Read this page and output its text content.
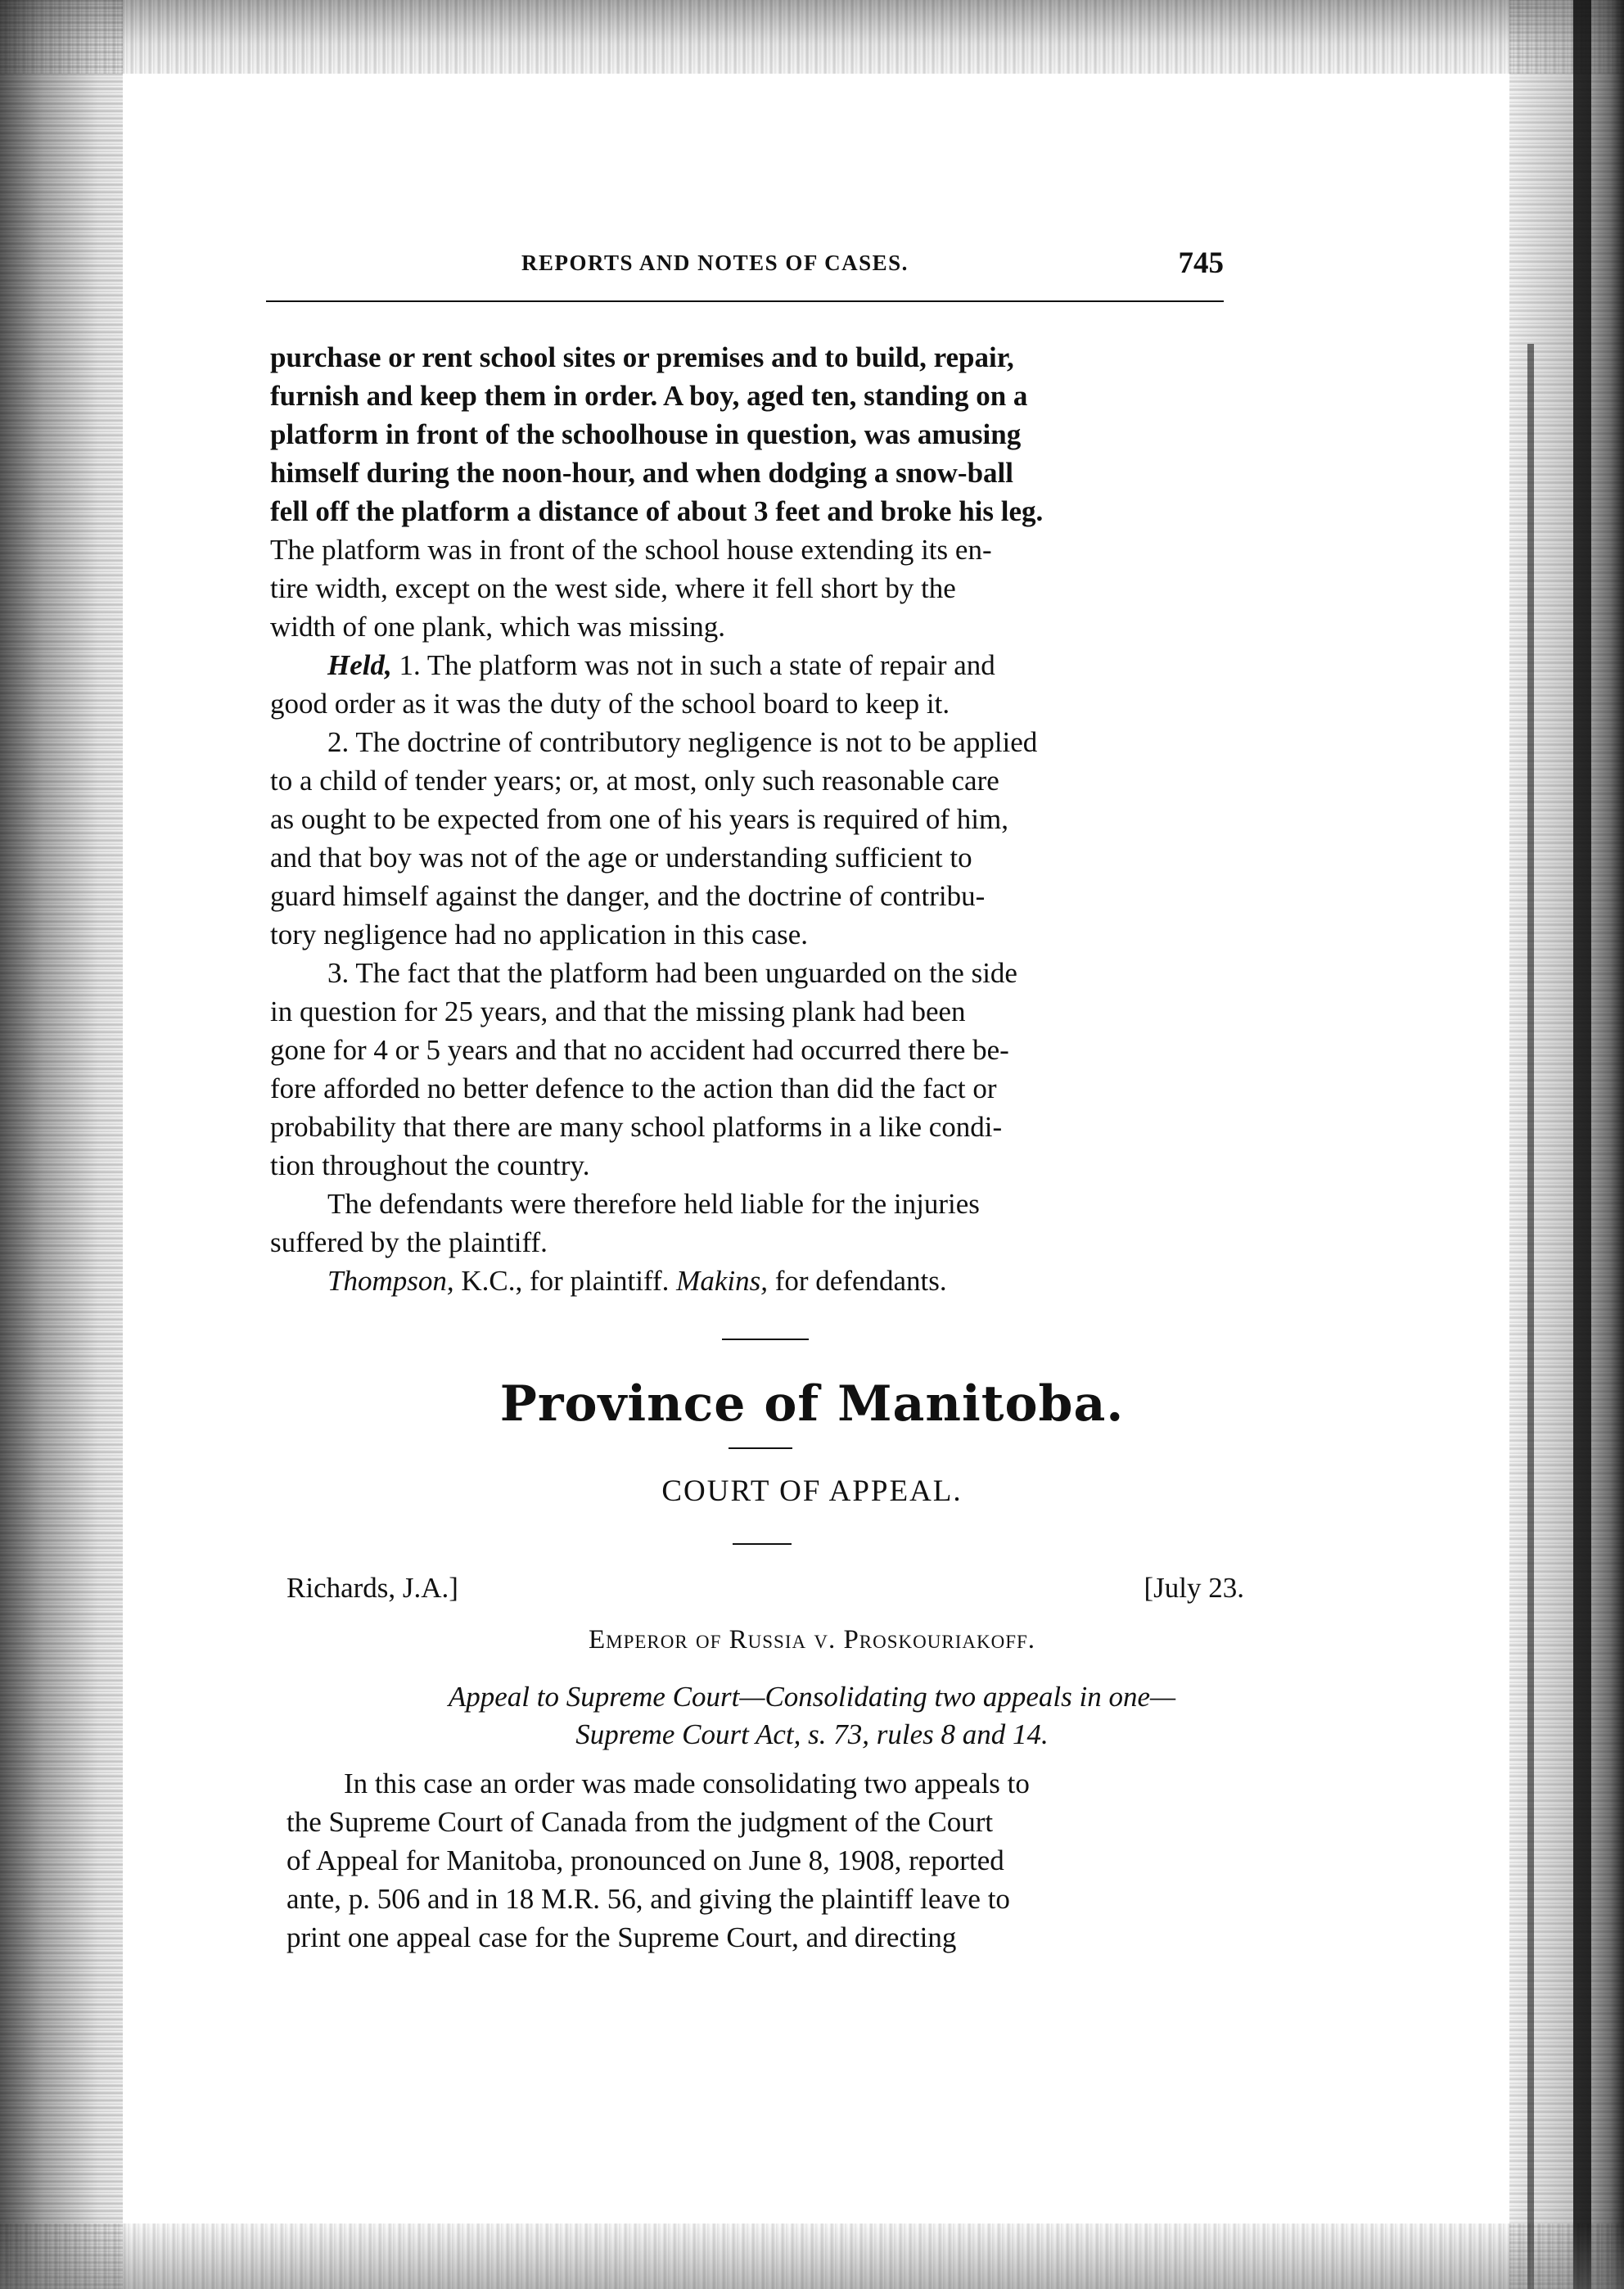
REPORTS AND NOTES OF CASES.	745
purchase or rent school sites or premises and to build, repair,
furnish and keep them in order. A boy, aged ten, standing on a
platform in front of the schoolhouse in question, was amusing
himself during the noon-hour, and when dodging a snow-ball
fell off the platform a distance of about 3 feet and broke his leg.
The platform was in front of the school house extending its en-
tire width, except on the west side, where it fell short by the
width of one plank, which was missing.
Held, 1. The platform was not in such a state of repair and
good order as it was the duty of the school board to keep it.
2. The doctrine of contributory negligence is not to be applied
to a child of tender years; or, at most, only such reasonable care
as ought to be expected from one of his years is required of him,
and that boy was not of the age or understanding sufficient to
guard himself against the danger, and the doctrine of contribu-
tory negligence had no application in this case.
3. The fact that the platform had been unguarded on the side
in question for 25 years, and that the missing plank had been
gone for 4 or 5 years and that no accident had occurred there be-
fore afforded no better defence to the action than did the fact or
probability that there are many school platforms in a like condi-
tion throughout the country.
The defendants were therefore held liable for the injuries
suffered by the plaintiff.
Thompson, K.C., for plaintiff. Makins, for defendants.
Province of Manitoba.
COURT OF APPEAL.
Richards, J.A.]	[July 23.
Emperor of Russia v. Proskouriakoff.
Appeal to Supreme Court—Consolidating two appeals in one—
Supreme Court Act, s. 73, rules 8 and 14.
In this case an order was made consolidating two appeals to
the Supreme Court of Canada from the judgment of the Court
of Appeal for Manitoba, pronounced on June 8, 1908, reported
ante, p. 506 and in 18 M.R. 56, and giving the plaintiff leave to
print one appeal case for the Supreme Court, and directing
